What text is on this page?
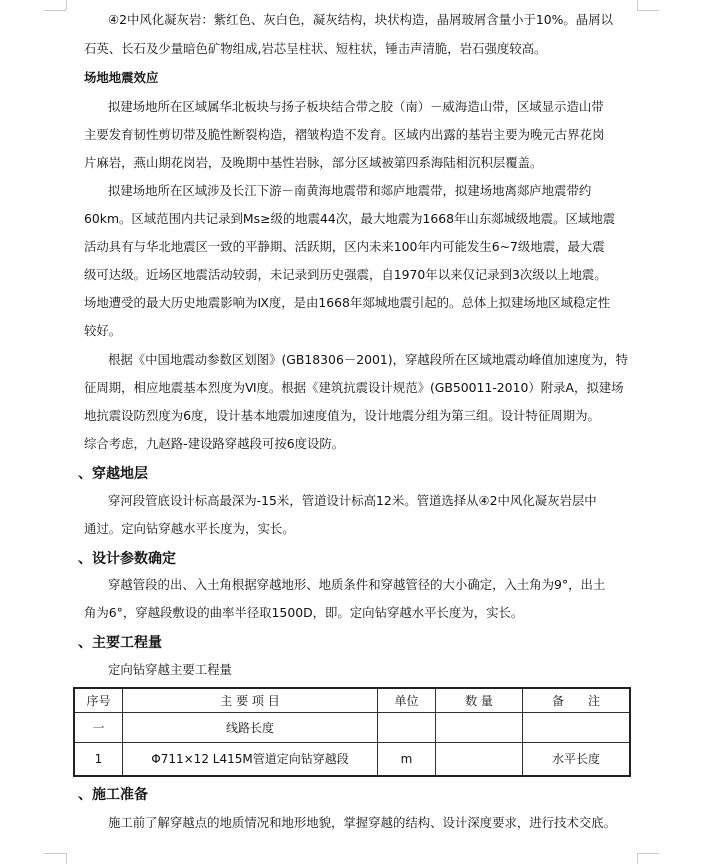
④2中风化凝灰岩：紫红色、灰白色，凝灰结构，块状构造，晶屑玻屑含量小于10%。晶屑以
石英、长石及少量暗色矿物组成,岩芯呈柱状、短柱状，锤击声清脆，岩石强度较高。
场地地震效应
拟建场地所在区域属华北板块与扬子板块结合带之胶（南）－威海造山带，区域显示造山带
主要发育韧性剪切带及脆性断裂构造，褶皱构造不发育。区域内出露的基岩主要为晚元古界花岗
片麻岩，燕山期花岗岩，及晚期中基性岩脉，部分区域被第四系海陆相沉积层覆盖。
拟建场地所在区域涉及长江下游－南黄海地震带和郯庐地震带，拟建场地离郯庐地震带约
60km。区域范围内共记录到Ms≥级的地震44次，最大地震为1668年山东郯城级地震。区域地震
活动具有与华北地震区一致的平静期、活跃期，区内未来100年内可能发生6~7级地震，最大震
级可达级。近场区地震活动较弱，未记录到历史强震，自1970年以来仅记录到3次级以上地震。
场地遭受的最大历史地震影响为Ⅸ度，是由1668年郯城地震引起的。总体上拟建场地区域稳定性
较好。
根据《中国地震动参数区划图》(GB18306－2001)，穿越段所在区域地震动峰值加速度为，特
征周期，相应地震基本烈度为Ⅵ度。根据《建筑抗震设计规范》(GB50011-2010）附录A，拟建场
地抗震设防烈度为6度，设计基本地震加速度值为，设计地震分组为第三组。设计特征周期为。
综合考虑，九赵路-建设路穿越段可按6度设防。
、穿越地层
穿河段管底设计标高最深为-15米，管道设计标高12米。管道选择从④2中风化凝灰岩层中
通过。定向钻穿越水平长度为，实长。
、设计参数确定
穿越管段的出、入土角根据穿越地形、地质条件和穿越管径的大小确定，入土角为9°，出土
角为6°，穿越段敷设的曲率半径取1500D，即。定向钻穿越水平长度为，实长。
、主要工程量
定向钻穿越主要工程量
序号	主 要 项 目	单位	数 量	备　　注
一	线路长度			
1	Φ711×12 L415M管道定向钻穿越段	m		水平长度
、施工准备
施工前了解穿越点的地质情况和地形地貌，掌握穿越的结构、设计深度要求，进行技术交底。
